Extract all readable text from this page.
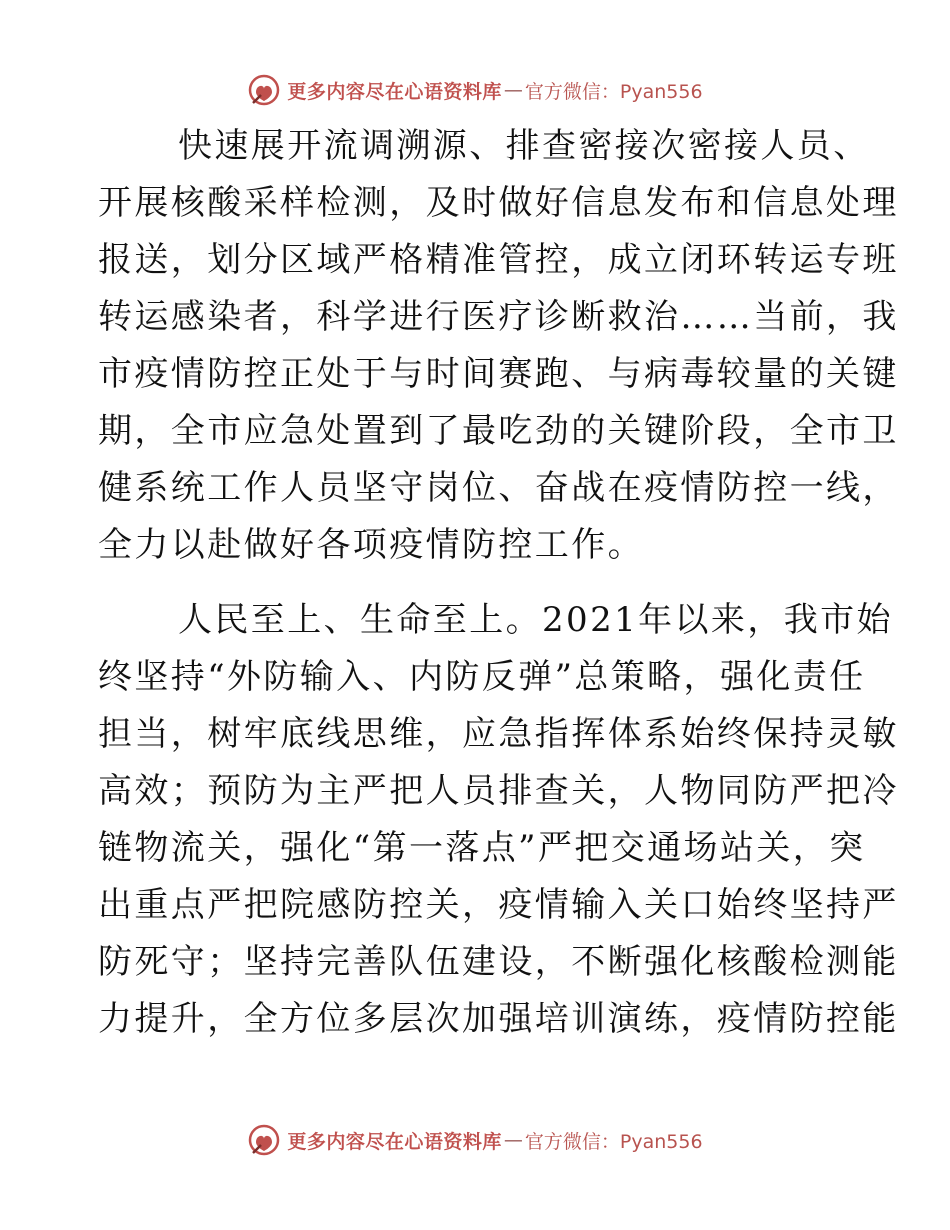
更多内容尽在心语资料库 — 官方微信：Pyan556
快速展开流调溯源、排查密接次密接人员、
开展核酸采样检测，及时做好信息发布和信息处理
报送，划分区域严格精准管控，成立闭环转运专班
转运感染者，科学进行医疗诊断救治……当前，我
市疫情防控正处于与时间赛跑、与病毒较量的关键
期，全市应急处置到了最吃劲的关键阶段，全市卫
健系统工作人员坚守岗位、奋战在疫情防控一线，
全力以赴做好各项疫情防控工作。
人民至上、生命至上。2021年以来，我市始
终坚持“外防输入、内防反弹”总策略，强化责任
担当，树牢底线思维，应急指挥体系始终保持灵敏
高效；预防为主严把人员排查关，人物同防严把冷
链物流关，强化“第一落点”严把交通场站关，突
出重点严把院感防控关，疫情输入关口始终坚持严
防死守；坚持完善队伍建设，不断强化核酸检测能
力提升，全方位多层次加强培训演练，疫情防控能
更多内容尽在心语资料库 — 官方微信：Pyan556
